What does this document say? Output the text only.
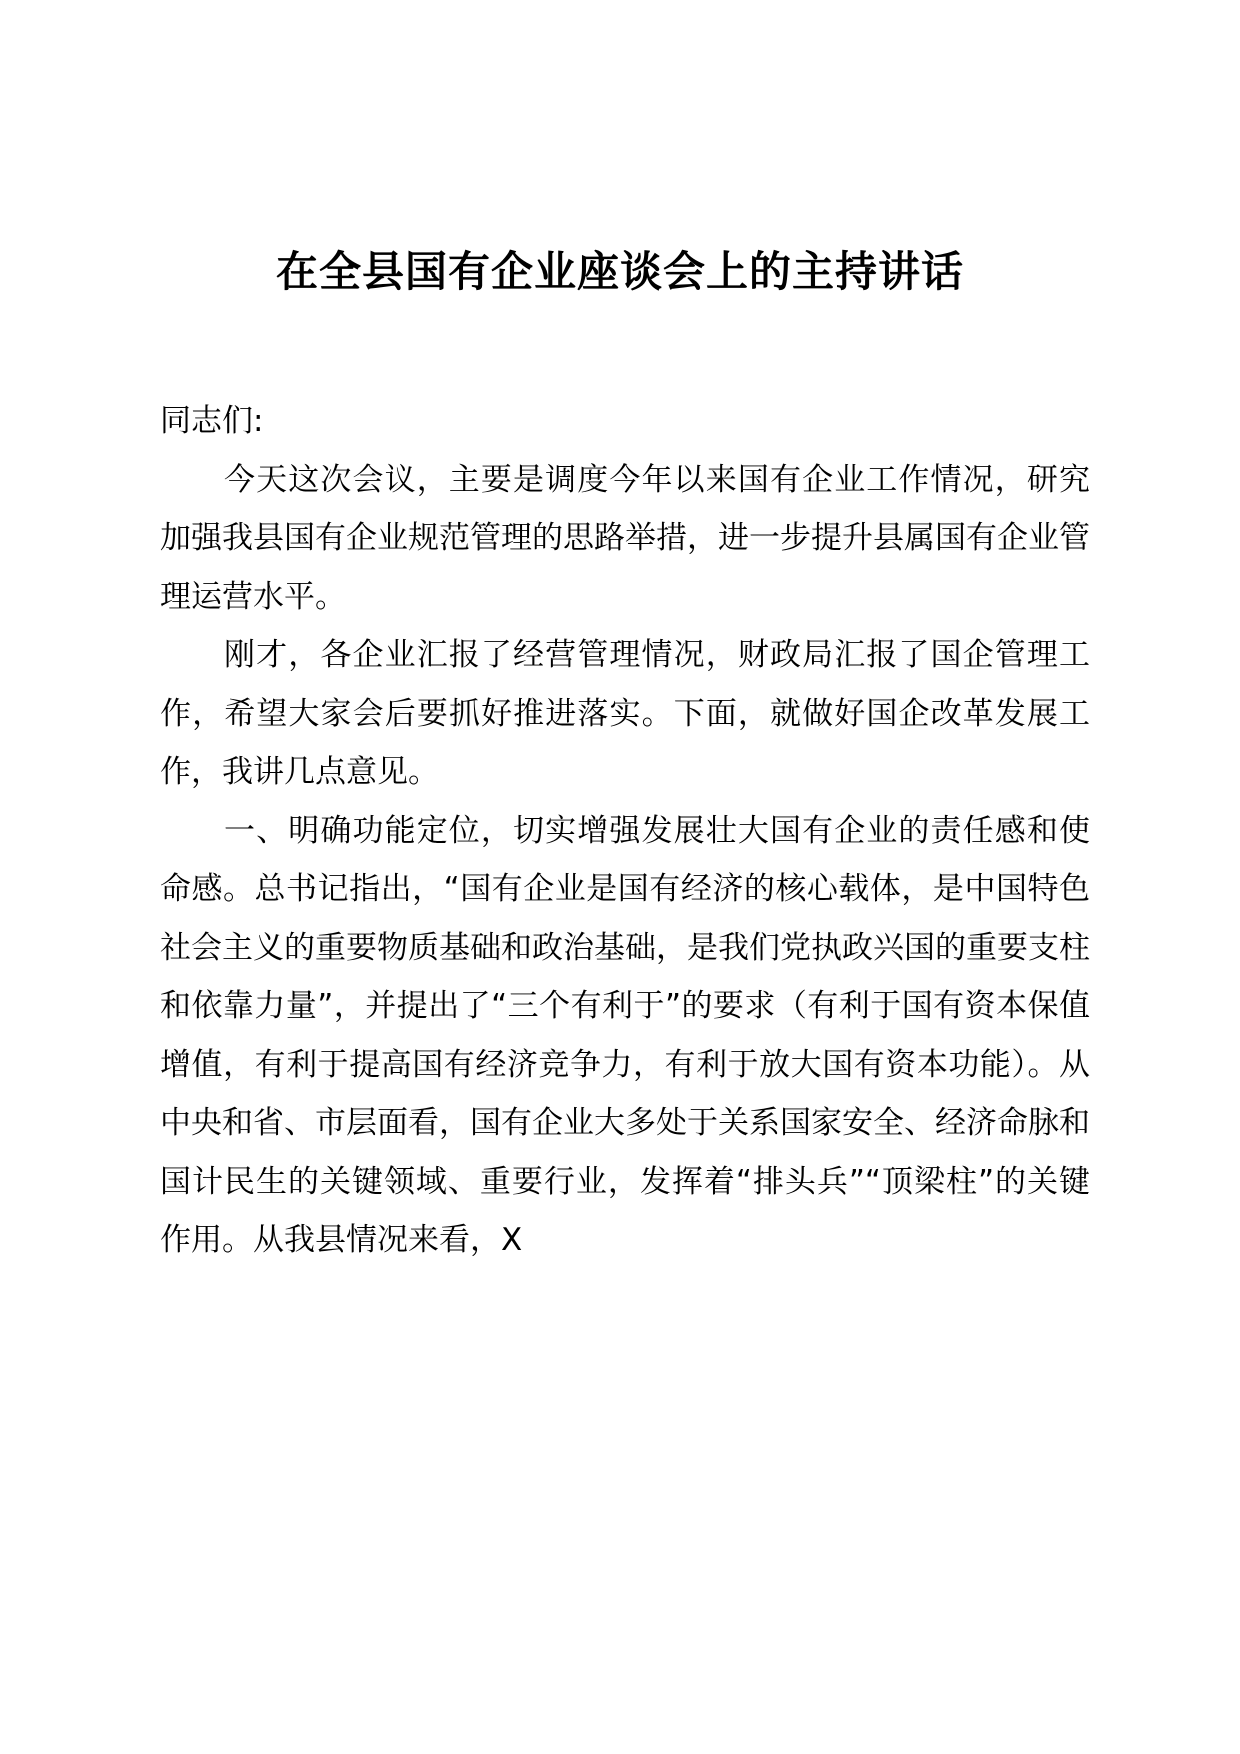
在全县国有企业座谈会上的主持讲话

同志们:

今天这次会议，主要是调度今年以来国有企业工作情况，研究加强我县国有企业规范管理的思路举措，进一步提升县属国有企业管理运营水平。

刚才，各企业汇报了经营管理情况，财政局汇报了国企管理工作，希望大家会后要抓好推进落实。下面，就做好国企改革发展工作，我讲几点意见。

一、明确功能定位，切实增强发展壮大国有企业的责任感和使命感。总书记指出，“国有企业是国有经济的核心载体，是中国特色社会主义的重要物质基础和政治基础，是我们党执政兴国的重要支柱和依靠力量”，并提出了“三个有利于”的要求（有利于国有资本保值增值，有利于提高国有经济竞争力，有利于放大国有资本功能）。从中央和省、市层面看，国有企业大多处于关系国家安全、经济命脉和国计民生的关键领域、重要行业，发挥着“排头兵”“顶梁柱”的关键作用。从我县情况来看，X
